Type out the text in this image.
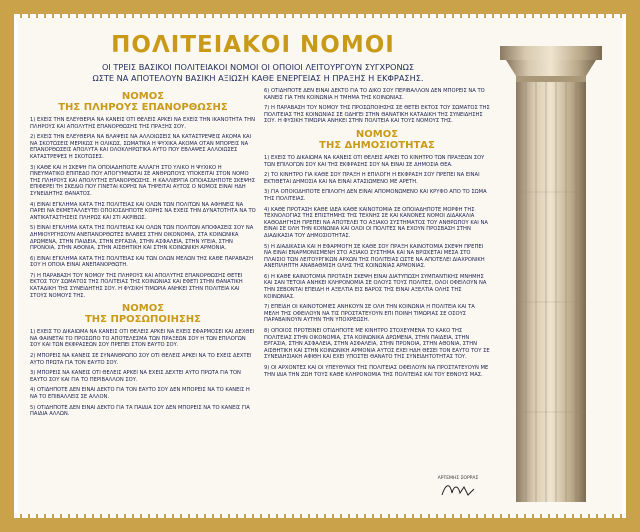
ΠΟΛΙΤΕΙΑΚΟΙ ΝΟΜΟΙ
ΟΙ ΤΡΕΙΣ ΒΑΣΙΚΟΙ ΠΟΛΙΤΕΙΑΚΟΙ ΝΟΜΟΙ ΟΙ ΟΠΟΙΟΙ ΛΕΙΤΟΥΡΓΟΥΝ ΣΥΓΧΡΟΝΩΣ
ΩΣΤΕ ΝΑ ΑΠΟΤΕΛΟΥΝ ΒΑΣΙΚΗ ΑΞΙΩΣΗ ΚΑΘΕ ΕΝΕΡΓΕΙΑΣ Η ΠΡΑΞΗΣ Η ΕΚΦΡΑΣΗΣ.
ΝΟΜΟΣ
ΤΗΣ ΠΛΗΡΟΥΣ ΕΠΑΝΟΡΘΩΣΗΣ

1) ΕΧΕΙΣ ΤΗΝ ΕΛΕΥΘΕΡΙΑ ΝΑ ΚΑΝΕΙΣ ΟΤΙ ΘΕΛΕΙΣ ΑΡΚΕΙ ΝΑ ΕΧΕΙΣ ΤΗΝ ΙΚΑΝΟΤΗΤΑ ΤΗΝ ΠΛΗΡΟΥΣ ΚΑΙ ΑΠΟΛΥΤΗΣ ΕΠΑΝΟΡΘΩΣΗΣ ΤΗΣ ΠΡΑΞΗΣ ΣΟΥ.

2) ΕΧΕΙΣ ΤΗΝ ΕΛΕΥΘΕΡΙΑ ΝΑ ΒΛΑΨΕΙΣ ΝΑ ΑΛΛΟΙΩΣΕΙΣ ΝΑ ΚΑΤΑΣΤΡΕΨΕΙΣ ΑΚΟΜΑ ΚΑΙ ΝΑ ΣΚΟΤΩΣΕΙΣ ΜΕΡΙΚΩΣ Η ΟΛΙΚΩΣ, ΣΩΜΑΤΙΚΑ Η ΨΥΧΙΚΑ ΑΚΟΜΑ ΟΤΑΝ ΜΠΟΡΕΙΣ ΝΑ ΕΠΑΝΟΡΘΩΣΕΙΣ ΑΠΟΛΥΤΑ ΚΑΙ ΟΛΟΚΛΗΡΩΤΙΚΑ ΑΥΤΟ ΠΟΥ ΕΒΛΑΨΕΣ ΑΛΛΟΙΩΣΕΣ ΚΑΤΑΣΤΡΕΨΕΣ Η ΣΚΟΤΩΣΕΣ.

3) ΚΑΘΕ ΚΑΙ Η ΣΚΕΨΗ ΓΙΑ ΟΠΟΙΑΔΗΠΟΤΕ ΑΛΛΑΓΗ ΣΤΟ ΥΛΙΚΟ Η ΨΥΧΙΚΟ Η ΠΝΕΥΜΑΤΙΚΟ ΕΠΙΠΕΔΟ ΠΟΥ ΑΠΟΓΥΜΝΩΤΑΙ ΣΕ ΑΝΘΡΩΠΟΥΣ ΥΠΟΚΕΙΤΑΙ ΣΤΟΝ ΝΟΜΟ ΤΗΣ ΠΛΗΡΟΥΣ ΚΑΙ ΑΠΟΛΥΤΗΣ ΕΠΑΝΟΡΘΩΣΗΣ. Η ΚΑΛΛΙΕΡΓΙΑ ΟΠΟΙΑΣΔΗΠΟΤΕ ΣΚΕΨΗΣ ΕΠΙΦΕΡΕΙ ΤΗ ΣΚΕΔΙΟ ΠΟΥ ΓΙΝΕΤΑΙ ΚΟΡΗΣ ΝΑ ΤΗΡΕΙΤΑΙ ΑΥΤΟΣ Ο ΝΟΜΟΣ ΕΙΝΑΙ ΗΔΗ ΣΥΝΕΙΔΗΤΗΣ ΘΑΝΑΤΟΣ.

4) ΕΙΝΑΙ ΕΓΚΛΗΜΑ ΚΑΤΑ ΤΗΣ ΠΟΛΙΤΕΙΑΣ ΚΑΙ ΟΛΩΝ ΤΩΝ ΠΟΛΙΤΩΝ ΝΑ ΑΦΗΝΕΙΣ ΝΑ ΠΑΡΕΙ ΝΑ ΕΚΜΕΤΑΛΛΕΥΤΕΙ ΟΠΟΙΟΣΔΗΠΟΤΕ ΚΟΡΗΣ ΝΑ ΕΧΕΙΣ ΤΗΝ ΔΥΝΑΤΟΤΗΤΑ ΝΑ ΤΟ ΑΝΤΙΚΑΤΑΣΤΗΣΕΙΣ ΠΛΗΡΩΣ ΚΑΙ ΣΤΙ ΑΚΡΙΒΩΣ.

5) ΕΙΝΑΙ ΕΓΚΛΗΜΑ ΚΑΤΑ ΤΗΣ ΠΟΛΙΤΕΙΑΣ ΚΑΙ ΟΛΩΝ ΤΩΝ ΠΟΛΙΤΩΝ ΑΠΟΦΑΣΕΙΣ ΣΟΥ ΝΑ ΔΗΜΙΟΥΡΓΗΣΟΥΝ ΑΝΕΠΑΝΟΡΘΩΤΕΣ ΒΛΑΒΕΣ ΣΤΗΝ ΟΙΚΟΝΟΜΙΑ, ΣΤΑ ΚΟΙΝΩΝΙΚΑ ΔΡΩΜΕΝΑ, ΣΤΗΝ ΠΑΙΔΕΙΑ, ΣΤΗΝ ΕΡΓΑΣΙΑ, ΣΤΗΝ ΑΣΦΑΛΕΙΑ, ΣΤΗΝ ΥΓΕΙΑ, ΣΤΗΝ ΠΡΟΝΟΙΑ, ΣΤΗΝ ΑΘΟΝΙΑ, ΣΤΗΝ ΑΙΣΘΗΤΙΚΗ ΚΑΙ ΣΤΗΝ ΚΟΙΝΩΝΙΚΗ ΑΡΜΟΝΙΑ.

6) ΕΙΝΑΙ ΕΓΚΛΗΜΑ ΚΑΤΑ ΤΗΣ ΠΟΛΙΤΕΙΑΣ ΚΑΙ ΤΩΝ ΟΛΩΝ ΜΕΛΩΝ ΤΗΣ ΚΑΘΕ ΠΑΡΑΒΑΣΗ ΣΟΥ Η ΟΠΟΙΑ ΕΙΝΑΙ ΑΝΕΠΑΝΟΡΘΩΤΗ.

7) Η ΠΑΡΑΒΑΣΗ ΤΟΥ ΝΟΜΟΥ ΤΗΣ ΠΛΗΡΟΥΣ ΚΑΙ ΑΠΟΛΥΤΗΣ ΕΠΑΝΟΡΘΩΣΗΣ ΘΕΤΕΙ ΕΚΤΟΣ ΤΟΥ ΣΩΜΑΤΟΣ ΤΗΣ ΠΟΛΙΤΕΙΑΣ ΤΗΣ ΚΟΙΝΩΝΙΑΣ ΚΑΙ ΕΦΕΤΙ ΣΤΗΝ ΘΑΝΑΤΙΚΗ ΚΑΤΑΔΙΚΗ ΤΗΣ ΣΥΝΕΙΔΗΤΗΣ ΣΟΥ. Η ΦΥΣΙΚΗ ΤΙΜΩΡΙΑ ΑΝΗΚΕΙ ΣΤΗΝ ΠΟΛΙΤΕΙΑ ΚΑΙ ΣΤΟΥΣ ΝΟΜΟΥΣ ΤΗΣ.

ΝΟΜΟΣ
ΤΗΣ ΠΡΟΣΩΠΟΙΗΣΗΣ

1) ΕΧΕΙΣ ΤΟ ΔΙΚΑΙΩΜΑ ΝΑ ΚΑΝΕΙΣ ΟΤΙ ΘΕΛΕΙΣ ΑΡΚΕΙ ΝΑ ΕΧΕΙΣ ΕΦΑΡΜΟΣΕΙ ΚΑΙ ΔΕΧΘΕΙ ΝΑ ΦΑΙΝΕΤΑΙ ΤΟ ΠΡΟΣΩΠΟ ΤΟ ΑΠΟΤΕΛΕΣΜΑ ΤΩΝ ΠΡΑΞΕΩΝ ΣΟΥ Η ΤΩΝ ΕΠΙΛΟΓΩΝ ΣΟΥ ΚΑΙ ΤΩΝ ΕΚΦΡΑΣΕΩΝ ΣΟΥ ΠΡΕΠΕΙ ΣΤΟΝ ΕΑΥΤΟ ΣΟΥ.

2) ΜΠΟΡΕΙΣ ΝΑ ΚΑΝΕΙΣ ΣΕ ΣΥΝΑΝΘΡΩΠΟ ΣΟΥ ΟΤΙ ΘΕΛΕΙΣ ΑΡΚΕΙ ΝΑ ΤΟ ΕΧΕΙΣ ΔΕΧΤΕΙ ΑΥΤΟ ΠΡΩΤΑ ΓΙΑ ΤΟΝ ΕΑΥΤΟ ΣΟΥ.

3) ΜΠΟΡΕΙΣ ΝΑ ΚΑΝΕΙΣ ΟΤΙ ΘΕΛΕΙΣ ΑΡΚΕΙ ΝΑ ΕΧΕΙΣ ΔΕΧΤΕΙ ΑΥΤΟ ΠΡΩΤΑ ΓΙΑ ΤΟΝ ΕΑΥΤΟ ΣΟΥ ΚΑΙ ΓΙΑ ΤΟ ΠΕΡΙΒΑΛΛΟΝ ΣΟΥ.

4) ΟΤΙΔΗΠΟΤΕ ΔΕΝ ΕΙΝΑΙ ΔΕΚΤΟ ΓΙΑ ΤΟΝ ΕΑΥΤΟ ΣΟΥ ΔΕΝ ΜΠΟΡΕΙΣ ΝΑ ΤΟ ΚΑΝΕΙΣ Η ΝΑ ΤΟ ΕΠΙΒΑΛΛΕΙΣ ΣΕ ΑΛΛΟΝ.

5) ΟΤΙΔΗΠΟΤΕ ΔΕΝ ΕΙΝΑΙ ΔΕΚΤΟ ΓΙΑ ΤΑ ΠΑΙΔΙΑ ΣΟΥ ΔΕΝ ΜΠΟΡΕΙΣ ΝΑ ΤΟ ΚΑΝΕΙΣ ΓΙΑ ΠΑΙΔΙΑ ΑΛΛΩΝ.

6) ΟΤΙΔΗΠΟΤΕ ΔΕΝ ΕΙΝΑΙ ΔΕΚΤΟ ΓΙΑ ΤΟ ΔΙΚΟ ΣΟΥ ΠΕΡΙΒΑΛΛΟΝ ΔΕΝ ΜΠΟΡΕΙΣ ΝΑ ΤΟ ΚΑΝΕΙΣ ΓΙΑ ΤΗΝ ΚΟΙΝΩΝΙΑ Η ΤΜΗΜΑ ΤΗΣ ΚΟΙΝΩΝΙΑΣ.

7) Η ΠΑΡΑΒΑΣΗ ΤΟΥ ΝΟΜΟΥ ΤΗΣ ΠΡΟΣΩΠΟΙΗΣΗΣ ΣΕ ΘΕΤΕΙ ΕΚΤΟΣ ΤΟΥ ΣΩΜΑΤΟΣ ΤΗΣ ΠΟΛΙΤΕΙΑΣ ΤΗΣ ΚΟΙΝΩΝΙΑΣ ΣΕ ΟΔΗΓΕΙ ΣΤΗΝ ΘΑΝΑΤΙΚΗ ΚΑΤΑΔΙΚΗ ΤΗΣ ΣΥΝΕΙΔΗΣΗΣ ΣΟΥ. Η ΦΥΣΙΚΗ ΤΙΜΩΡΙΑ ΑΝΗΚΕΙ ΣΤΗΝ ΠΟΛΙΤΕΙΑ ΚΑΙ ΤΟΥΣ ΝΟΜΟΥΣ ΤΗΣ.

ΝΟΜΟΣ
ΤΗΣ ΔΗΜΟΣΙΟΤΗΤΑΣ

1) ΕΧΕΙΣ ΤΟ ΔΙΚΑΙΩΜΑ ΝΑ ΚΑΝΕΙΣ ΟΤΙ ΘΕΛΕΙΣ ΑΡΚΕΙ ΤΟ ΚΙΝΗΤΡΟ ΤΩΝ ΠΡΑΞΕΩΝ ΣΟΥ ΤΩΝ ΕΠΙΛΟΓΩΝ ΣΟΥ ΚΑΙ ΤΗΣ ΕΚΦΡΑΣΗΣ ΣΟΥ ΝΑ ΕΙΝΑΙ ΣΕ ΔΗΜΟΣΙΑ ΘΕΑ.

2) ΤΟ ΚΙΝΗΤΡΟ ΓΙΑ ΚΑΘΕ ΣΟΥ ΠΡΑΞΗ Η ΕΠΙΛΟΓΗ Η ΕΚΦΡΑΣΗ ΣΟΥ ΠΡΕΠΕΙ ΝΑ ΕΙΝΑΙ ΕΚΤΙΘΕΤΑΙ ΔΗΜΟΣΙΑ ΚΑΙ ΝΑ ΕΙΝΑΙ ΑΤΑΣΙΩΜΕΝΟ ΜΕ ΑΡΕΤΗ.

3) ΓΙΑ ΟΠΟΙΟΔΗΠΟΤΕ ΕΠΙΛΟΓΗ ΔΕΝ ΕΙΝΑΙ ΑΠΟΜΟΝΩΜΕΝΟ ΚΑΙ ΚΡΥΦΟ ΑΠΟ ΤΟ ΣΩΜΑ ΤΗΣ ΠΟΛΙΤΕΙΑΣ.

4) ΚΑΘΕ ΠΡΟΤΑΣΗ ΚΑΘΕ ΙΔΕΑ ΚΑΘΕ ΚΑΙΝΟΤΟΜΙΑ ΣΕ ΟΠΟΙΑΔΗΠΟΤΕ ΜΟΡΦΗ ΤΗΣ ΤΕΧΝΟΛΟΓΙΑΣ ΤΗΣ ΕΠΙΣΤΗΜΗΣ ΤΗΣ ΤΕΧΝΗΣ ΣΕ ΚΑΙ ΚΑΝΟΝΕΣ ΝΟΜΟΙ ΔΙΔΑΚΑΛΙΑ ΚΑΘΟΔΗΓΗΣΗ ΠΡΕΠΕΙ ΝΑ ΑΠΟΤΕΛΕΙ ΤΟ ΑΞΙΑΚΟ ΣΥΣΤΗΜΑΤΟΣ ΤΟΥ ΑΝΘΡΩΠΟΥ ΚΑΙ ΝΑ ΕΙΝΑΙ ΣΕ ΟΛΗ ΤΗΝ ΚΟΙΝΩΝΙΑ ΚΑΙ ΟΛΟΙ ΟΙ ΠΟΛΙΤΕΣ ΝΑ ΕΧΟΥΝ ΠΡΟΣΒΑΣΗ ΣΤΗΝ ΔΙΑΔΙΚΑΣΙΑ ΤΟΥ ΔΗΜΟΣΙΟΤΗΤΑΣ.

5) Η ΔΙΑΔΙΚΑΣΙΑ ΚΑΙ Η ΕΦΑΡΜΟΓΗ ΣΕ ΚΑΘΕ ΣΟΥ ΠΡΑΞΗ ΚΑΙΝΟΤΟΜΙΑ ΣΚΕΨΗ ΠΡΕΠΕΙ ΝΑ ΕΙΝΑΙ ΕΝΑΡΜΟΝΙΣΜΕΝΗ ΣΤΟ ΑΞΙΑΚΟ ΣΥΣΤΗΜΑ ΚΑΙ ΝΑ ΒΡΙΣΚΕΤΑΙ ΜΕΣΑ ΣΤΟ ΠΛΑΙΣΙΟ ΤΩΝ ΛΕΙΤΟΥΡΓΙΚΩΝ ΑΡΧΩΝ ΤΗΣ ΠΟΛΙΤΕΙΑΣ ΩΣΤΕ ΝΑ ΑΠΟΤΕΛΕΙ ΔΙΑΧΡΟΝΙΚΗ ΑΝΕΠΙΛΗΠΤΗ ΑΝΑΒΑΘΜΙΣΗ ΟΛΗΣ ΤΗΣ ΚΟΙΝΩΝΙΑΣ ΑΡΜΟΝΙΑΣ.

6) Η ΚΑΘΕ ΚΑΙΝΟΤΟΜΙΑ ΠΡΟΤΑΣΗ ΣΚΕΨΗ ΕΙΝΑΙ ΔΙΑΤΥΠΩΣΗ ΣΥΜΠΑΝΤΙΚΗΣ ΜΝΗΜΗΣ ΚΑΙ ΣΑΝ ΤΕΤΟΙΑ ΑΝΗΚΕΙ ΚΛΗΡΟΝΟΜΙΑ ΣΕ ΟΛΟΥΣ ΤΟΥΣ ΠΟΛΙΤΕΣ, ΟΛΟΙ ΟΦΕΙΛΟΥΝ ΝΑ ΤΗΝ ΣΕΒΟΝΤΑΙ ΕΠΕΙΔΗ Η ΑΞΕΛΤΙΑ ΕΙΣ ΒΑΡΟΣ ΤΗΣ ΕΙΝΑΙ ΑΞΕΛΤΙΑ ΟΛΗΣ ΤΗΣ ΚΟΙΝΩΝΙΑΣ.

7) ΕΠΕΙΔΗ ΟΙ ΚΑΙΝΟΤΟΜΙΕΣ ΑΝΗΚΟΥΝ ΣΕ ΟΛΗ ΤΗΝ ΚΟΙΝΩΝΙΑ Η ΠΟΛΙΤΕΙΑ ΚΑΙ ΤΑ ΜΕΛΗ ΤΗΣ ΟΦΕΙΛΟΥΝ ΝΑ ΤΙΣ ΠΡΟΣΤΑΤΕΥΟΥΝ ΕΠΙ ΠΟΙΝΗ ΤΙΜΩΡΙΑΣ ΣΕ ΟΣΟΥΣ ΠΑΡΑΒΑΙΝΟΥΝ ΑΥΤΗΝ ΤΗΝ ΥΠΟΧΡΕΩΣΗ.

8) ΟΠΟΙΟΣ ΠΡΟΤΕΙΝΕΙ ΟΤΙΔΗΠΟΤΕ ΜΕ ΚΙΝΗΤΡΟ ΣΤΟΧΕΥΜΕΝΑ ΤΟ ΚΑΚΟ ΤΗΣ ΠΟΛΙΤΕΙΑΣ ΣΤΗΝ ΟΙΚΟΝΟΜΙΑ, ΣΤΑ ΚΟΙΝΩΝΙΚΑ ΔΡΩΜΕΝΑ, ΣΤΗΝ ΠΑΙΔΕΙΑ, ΣΤΗΝ ΕΡΓΑΣΙΑ, ΣΤΗΝ ΑΣΦΑΛΕΙΑ, ΣΤΗΝ ΑΣΦΑΛΕΙΑ, ΣΤΗΝ ΠΡΟΝΟΙΑ, ΣΤΗΝ ΑΘΟΝΙΑ, ΣΤΗΝ ΑΙΣΘΗΤΙΚΗ ΚΑΙ ΣΤΗΝ ΚΟΙΝΩΝΙΚΗ ΑΡΜΟΝΙΑ ΑΥΤΟΣ ΕΧΕΙ ΗΔΗ ΘΕΣΕΙ ΤΟΝ ΕΑΥΤΟ ΤΟΥ ΣΕ ΣΥΝΕΙΔΗΣΙΑΚΗ ΑΦΙΘΗ ΚΑΙ ΕΧΕΙ ΥΠΟΣΤΕΙ ΘΑΝΑΤΟ ΤΗΣ ΣΥΝΕΙΔΗΤΟΤΗΤΑΣ ΤΟΥ.

9) ΟΙ ΑΡΧΟΝΤΕΣ ΚΑΙ ΟΙ ΥΠΕΥΘΥΝΟΙ ΤΗΣ ΠΟΛΙΤΕΙΑΣ ΟΦΕΙΛΟΥΝ ΝΑ ΠΡΟΣΤΑΤΕΥΟΥΝ ΜΕ ΤΗΝ ΙΔΙΑ ΤΗΝ ΖΩΗ ΤΟΥΣ ΚΑΘΕ ΚΛΗΡΟΝΟΜΙΑ ΤΗΣ ΠΟΛΙΤΕΙΑΣ ΚΑΙ ΤΟΥ ΕΘΝΟΥΣ ΜΑΣ.

ΑΡΤΕΜΗΣ ΣΟΡΡΑΣ
